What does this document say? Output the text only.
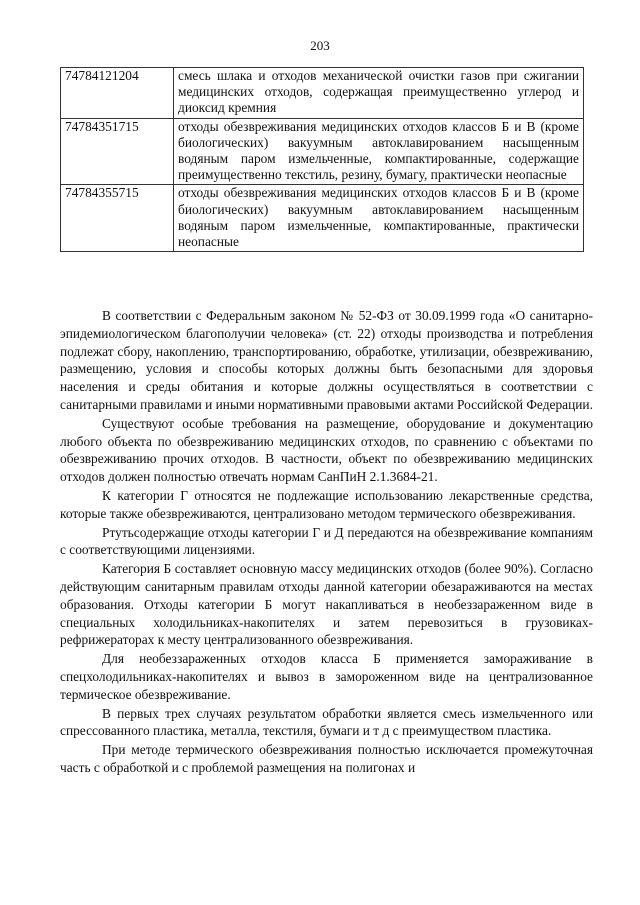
203
74784121204	смесь шлака и отходов механической очистки газов при сжигании медицинских отходов, содержащая преимущественно углерод и диоксид кремния
74784351715	отходы обезвреживания медицинских отходов классов Б и В (кроме биологических) вакуумным автоклавированием насыщенным водяным паром измельченные, компактированные, содержащие преимущественно текстиль, резину, бумагу, практически неопасные
74784355715	отходы обезвреживания медицинских отходов классов Б и В (кроме биологических) вакуумным автоклавированием насыщенным водяным паром измельченные, компактированные, практически неопасные

В соответствии с Федеральным законом № 52-ФЗ от 30.09.1999 года «О санитарно-эпидемиологическом благополучии человека» (ст. 22) отходы производства и потребления подлежат сбору, накоплению, транспортированию, обработке, утилизации, обезвреживанию, размещению, условия и способы которых должны быть безопасными для здоровья населения и среды обитания и которые должны осуществляться в соответствии с санитарными правилами и иными нормативными правовыми актами Российской Федерации.

Существуют особые требования на размещение, оборудование и документацию любого объекта по обезвреживанию медицинских отходов, по сравнению с объектами по обезвреживанию прочих отходов. В частности, объект по обезвреживанию медицинских отходов должен полностью отвечать нормам СанПиН 2.1.3684-21.

К категории Г относятся не подлежащие использованию лекарственные средства, которые также обезвреживаются, централизовано методом термического обезвреживания.

Ртутьсодержащие отходы категории Г и Д передаются на обезвреживание компаниям с соответствующими лицензиями.

Категория Б составляет основную массу медицинских отходов (более 90%). Согласно действующим санитарным правилам отходы данной категории обезараживаются на местах образования. Отходы категории Б могут накапливаться в необеззараженном виде в специальных холодильниках-накопителях и затем перевозиться в грузовиках-рефрижераторах к месту централизованного обезвреживания.

Для необеззараженных отходов класса Б применяется замораживание в спецхолодильниках-накопителях и вывоз в замороженном виде на централизованное термическое обезвреживание.

В первых трех случаях результатом обработки является смесь измельченного или спрессованного пластика, металла, текстиля, бумаги и т д с преимуществом пластика.

При методе термического обезвреживания полностью исключается промежуточная часть с обработкой и с проблемой размещения на полигонах и
